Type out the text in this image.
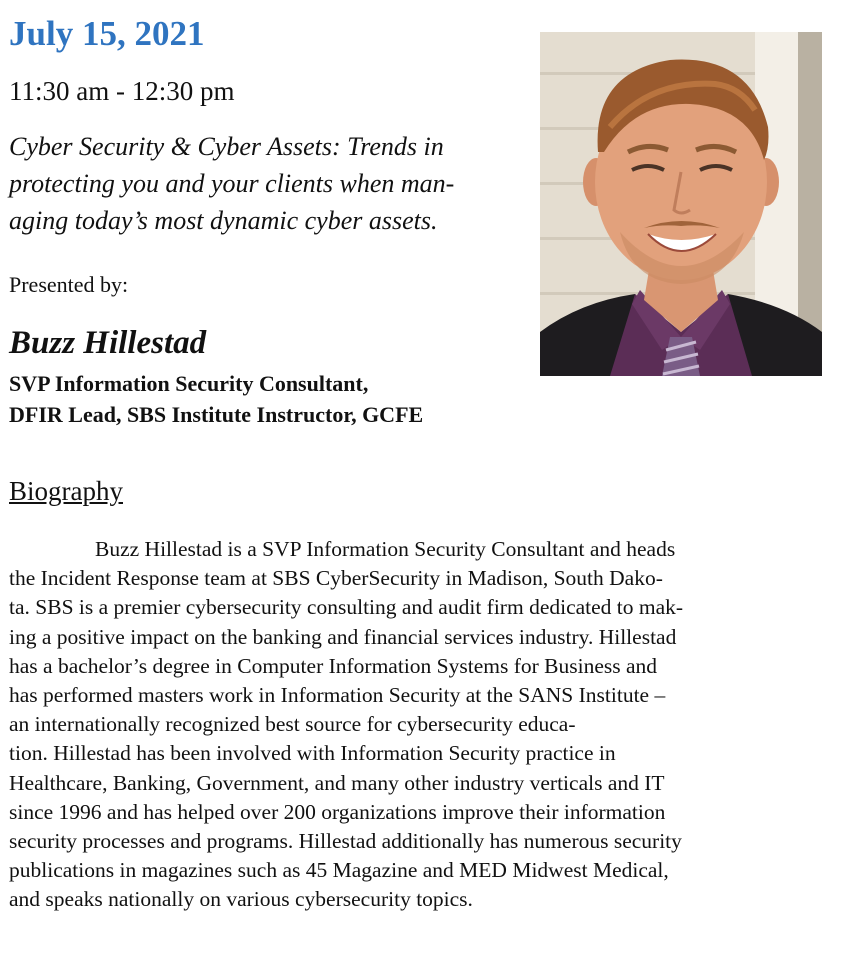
July 15, 2021
11:30 am - 12:30 pm
Cyber Security & Cyber Assets: Trends in
protecting you and your clients when man-
aging today’s most dynamic cyber assets.
Presented by:
Buzz Hillestad
SVP Information Security Consultant,
DFIR Lead, SBS Institute Instructor, GCFE
Biography
Buzz Hillestad is a SVP Information Security Consultant and heads
the Incident Response team at SBS CyberSecurity in Madison, South Dako-
ta. SBS is a premier cybersecurity consulting and audit firm dedicated to mak-
ing a positive impact on the banking and financial services industry. Hillestad
has a bachelor’s degree in Computer Information Systems for Business and
has performed masters work in Information Security at the SANS Institute –
an internationally recognized best source for cybersecurity educa-
tion. Hillestad has been involved with Information Security practice in
Healthcare, Banking, Government, and many other industry verticals and IT
since 1996 and has helped over 200 organizations improve their information
security processes and programs. Hillestad additionally has numerous security
publications in magazines such as 45 Magazine and MED Midwest Medical,
and speaks nationally on various cybersecurity topics.
